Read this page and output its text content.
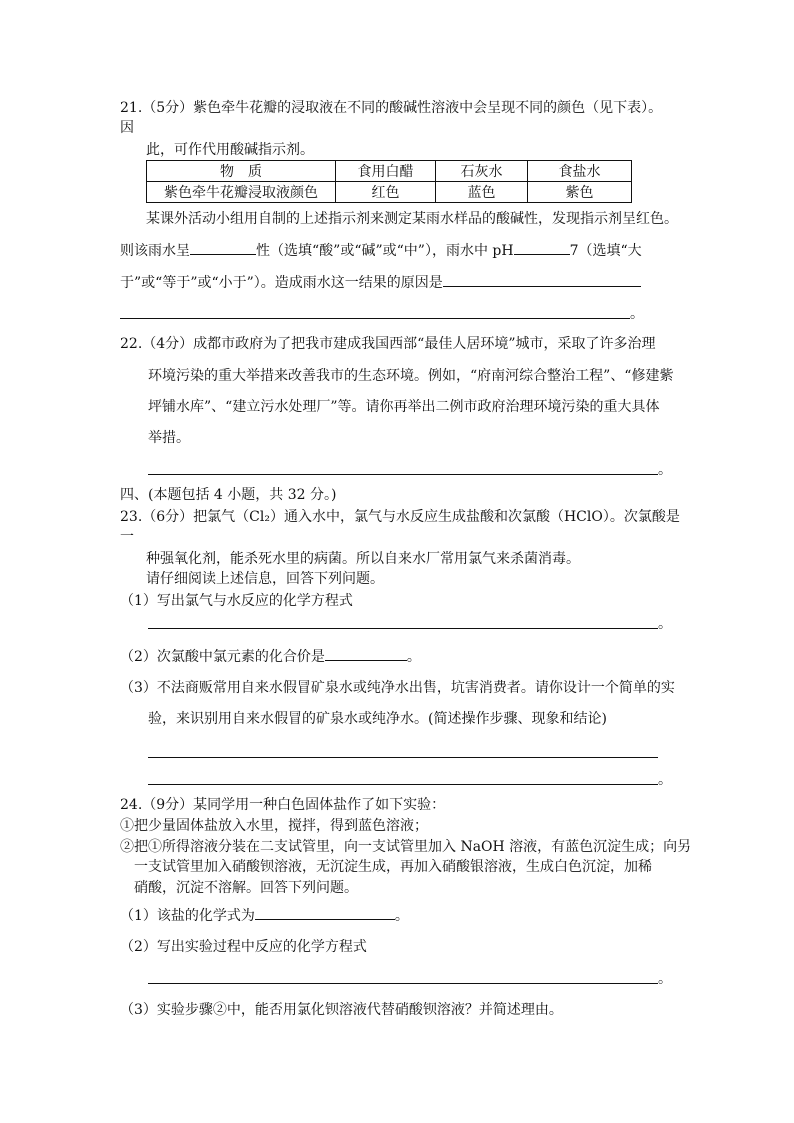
21.（5分）紫色牵牛花瓣的浸取液在不同的酸碱性溶液中会呈现不同的颜色（见下表）。
因
此，可作代用酸碱指示剂。
物　质	食用白醋	石灰水	食盐水
紫色牵牛花瓣浸取液颜色	红色	蓝色	紫色
某课外活动小组用自制的上述指示剂来测定某雨水样品的酸碱性，发现指示剂呈红色。
则该雨水呈	性（选填“酸”或“碱”或“中”），雨水中 pH	7（选填“大
于”或“等于”或“小于”）。造成雨水这一结果的原因是
。
22.（4分）成都市政府为了把我市建成我国西部“最佳人居环境”城市，采取了许多治理
环境污染的重大举措来改善我市的生态环境。例如，“府南河综合整治工程”、“修建紫
坪铺水库”、“建立污水处理厂”等。请你再举出二例市政府治理环境污染的重大具体
举措。
。
四、(本题包括 4 小题，共 32 分。)
23.（6分）把氯气（Cl₂）通入水中，氯气与水反应生成盐酸和次氯酸（HClO）。次氯酸是
一
种强氧化剂，能杀死水里的病菌。所以自来水厂常用氯气来杀菌消毒。
请仔细阅读上述信息，回答下列问题。
（1）写出氯气与水反应的化学方程式
。
（2）次氯酸中氯元素的化合价是	。
（3）不法商贩常用自来水假冒矿泉水或纯净水出售，坑害消费者。请你设计一个简单的实
验，来识别用自来水假冒的矿泉水或纯净水。(简述操作步骤、现象和结论)
。
24.（9分）某同学用一种白色固体盐作了如下实验：
①把少量固体盐放入水里，搅拌，得到蓝色溶液；
②把①所得溶液分装在二支试管里，向一支试管里加入 NaOH 溶液，有蓝色沉淀生成；向另
一支试管里加入硝酸钡溶液，无沉淀生成，再加入硝酸银溶液，生成白色沉淀，加稀
硝酸，沉淀不溶解。回答下列问题。
（1）该盐的化学式为	。
（2）写出实验过程中反应的化学方程式
。
（3）实验步骤②中，能否用氯化钡溶液代替硝酸钡溶液？并简述理由。
